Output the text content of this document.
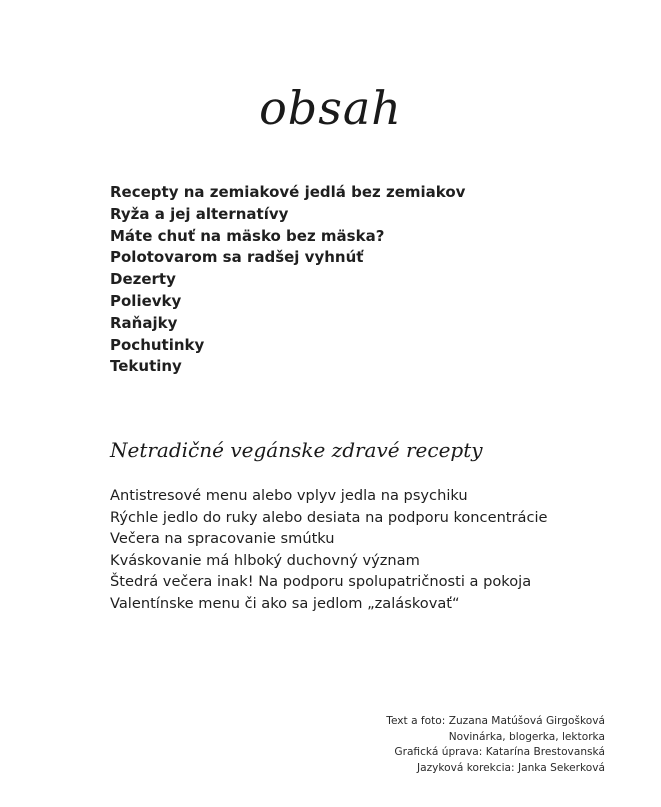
obsah
Recepty na zemiakové jedlá bez zemiakov
Ryža a jej alternatívy
Máte chuť na mäsko bez mäska?
Polotovarom sa radšej vyhnúť
Dezerty
Polievky
Raňajky
Pochutinky
Tekutiny
Netradičné vegánske zdravé recepty
Antistresové menu alebo vplyv jedla na psychiku
Rýchle jedlo do ruky alebo desiata na podporu koncentrácie
Večera na spracovanie smútku
Kváskovanie má hlboký duchovný význam
Štedrá večera inak! Na podporu spolupatričnosti a pokoja
Valentínske menu či ako sa jedlom „zaláskovať“
Text a foto: Zuzana Matúšová Girgošková
Novinárka, blogerka, lektorka
Grafická úprava: Katarína Brestovanská
Jazyková korekcia: Janka Sekerková
